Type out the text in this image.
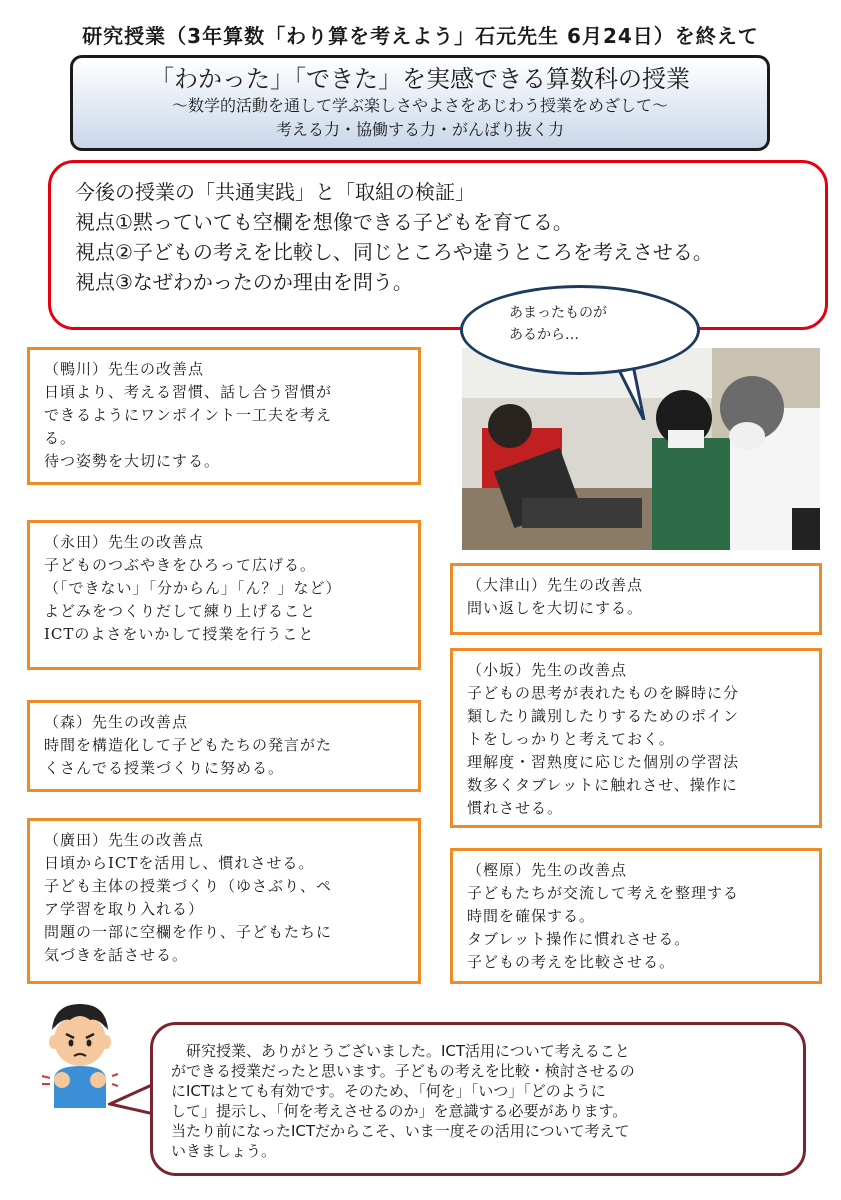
研究授業（3年算数「わり算を考えよう」石元先生 6月24日）を終えて
「わかった」「できた」を実感できる算数科の授業
～数学的活動を通して学ぶ楽しさやよさをあじわう授業をめざして～
考える力・協働する力・がんばり抜く力
今後の授業の「共通実践」と「取組の検証」
視点①黙っていても空欄を想像できる子どもを育てる。
視点②子どもの考えを比較し、同じところや違うところを考えさせる。
視点③なぜわかったのか理由を問う。
あまったものが
あるから…
（鴨川）先生の改善点
日頃より、考える習慣、話し合う習慣が
できるようにワンポイント一工夫を考え
る。
待つ姿勢を大切にする。
（永田）先生の改善点
子どものつぶやきをひろって広げる。
（「できない」「分からん」「ん？」など）
よどみをつくりだして練り上げること
ICTのよさをいかして授業を行うこと
（森）先生の改善点
時間を構造化して子どもたちの発言がた
くさんでる授業づくりに努める。
（廣田）先生の改善点
日頃からICTを活用し、慣れさせる。
子ども主体の授業づくり（ゆさぶり、ペ
ア学習を取り入れる）
問題の一部に空欄を作り、子どもたちに
気づきを話させる。
（大津山）先生の改善点
問い返しを大切にする。
（小坂）先生の改善点
子どもの思考が表れたものを瞬時に分
類したり識別したりするためのポイン
トをしっかりと考えておく。
理解度・習熟度に応じた個別の学習法
数多くタブレットに触れさせ、操作に
慣れさせる。
（樫原）先生の改善点
子どもたちが交流して考えを整理する
時間を確保する。
タブレット操作に慣れさせる。
子どもの考えを比較させる。
　研究授業、ありがとうございました。ICT活用について考えること
ができる授業だったと思います。子どもの考えを比較・検討させるの
にICTはとても有効です。そのため、「何を」「いつ」「どのように
して」提示し、「何を考えさせるのか」を意識する必要があります。
当たり前になったICTだからこそ、いま一度その活用について考えて
いきましょう。
